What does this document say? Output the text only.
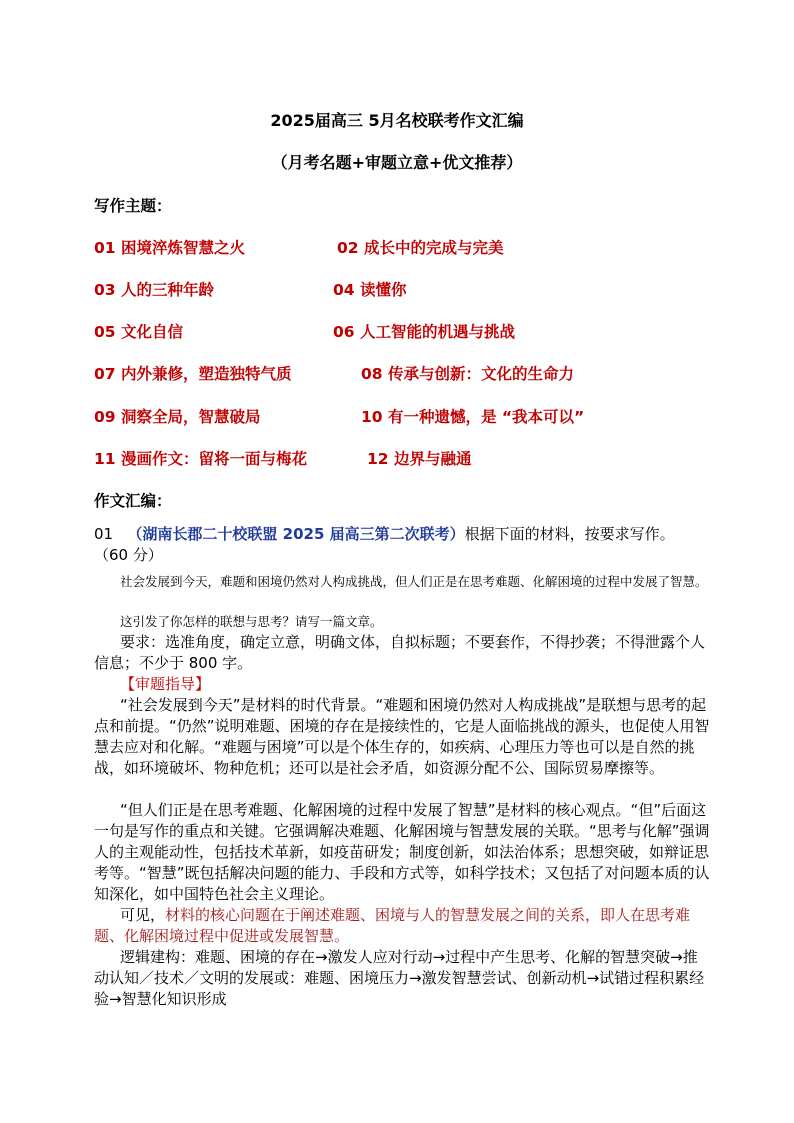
2025届高三 5月名校联考作文汇编
（月考名题+审题立意+优文推荐）
写作主题：
01 困境淬炼智慧之火	02 成长中的完成与完美
03 人的三种年龄	04 读懂你
05 文化自信	06 人工智能的机遇与挑战
07 内外兼修，塑造独特气质	08 传承与创新：文化的生命力
09 洞察全局，智慧破局	10 有一种遗憾，是 “我本可以”
11 漫画作文：留将一面与梅花	12 边界与融通
作文汇编：
01 （湖南长郡二十校联盟 2025 届高三第二次联考）根据下面的材料，按要求写作。
（60 分）
社会发展到今天，难题和困境仍然对人构成挑战，但人们正是在思考难题、化解困境的过程中发展了智慧。
这引发了你怎样的联想与思考？请写一篇文章。
要求：选准角度，确定立意，明确文体，自拟标题；不要套作，不得抄袭；不得泄露个人信息；不少于 800 字。
【审题指导】
“社会发展到今天”是材料的时代背景。“难题和困境仍然对人构成挑战”是联想与思考的起点和前提。“仍然”说明难题、困境的存在是接续性的，它是人面临挑战的源头，也促使人用智慧去应对和化解。“难题与困境”可以是个体生存的，如疾病、心理压力等也可以是自然的挑战，如环境破坏、物种危机；还可以是社会矛盾，如资源分配不公、国际贸易摩擦等。
“但人们正是在思考难题、化解困境的过程中发展了智慧”是材料的核心观点。“但”后面这一句是写作的重点和关键。它强调解决难题、化解困境与智慧发展的关联。“思考与化解”强调人的主观能动性，包括技术革新，如疫苗研发；制度创新，如法治体系；思想突破，如辩证思考等。“智慧”既包括解决问题的能力、手段和方式等，如科学技术；又包括了对问题本质的认知深化，如中国特色社会主义理论。
可见，材料的核心问题在于阐述难题、困境与人的智慧发展之间的关系，即人在思考难题、化解困境过程中促进或发展智慧。
逻辑建构：难题、困境的存在→激发人应对行动→过程中产生思考、化解的智慧突破→推动认知／技术／文明的发展或：难题、困境压力→激发智慧尝试、创新动机→试错过程积累经验→智慧化知识形成
